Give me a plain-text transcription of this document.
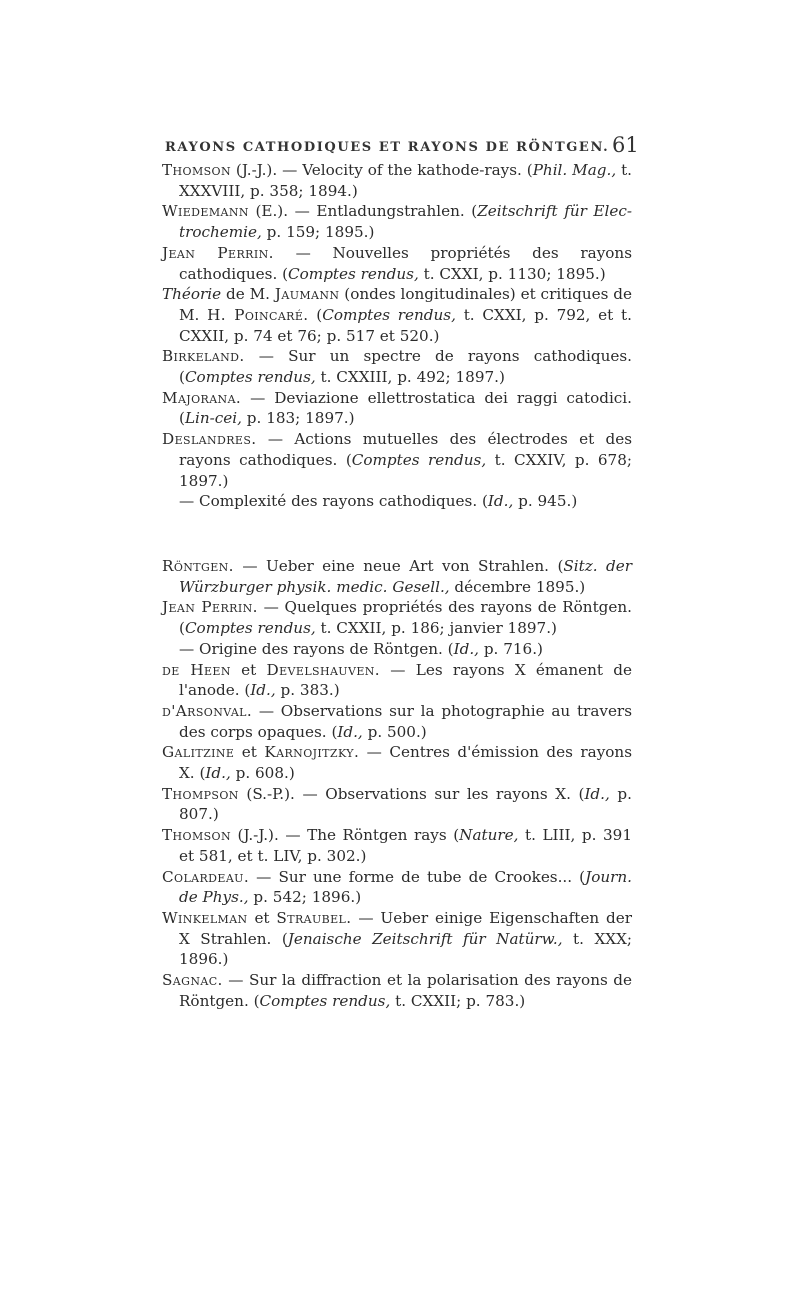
RAYONS CATHODIQUES ET RAYONS DE RÖNTGEN. 61
Thomson (J.-J.). — Velocity of the kathode-rays. (Phil. Mag., t. XXXVIII, p. 358; 1894.)
Wiedemann (E.). — Entladungstrahlen. (Zeitschrift für Elec-trochemie, p. 159; 1895.)
Jean Perrin. — Nouvelles propriétés des rayons cathodiques. (Comptes rendus, t. CXXI, p. 1130; 1895.)
Théorie de M. Jaumann (ondes longitudinales) et critiques de M. H. Poincaré. (Comptes rendus, t. CXXI, p. 792, et t. CXXII, p. 74 et 76; p. 517 et 520.)
Birkeland. — Sur un spectre de rayons cathodiques. (Comptes rendus, t. CXXIII, p. 492; 1897.)
Majorana. — Deviazione ellettrostatica dei raggi catodici. (Lin-cei, p. 183; 1897.)
Deslandres. — Actions mutuelles des électrodes et des rayons cathodiques. (Comptes rendus, t. CXXIV, p. 678; 1897.)
— Complexité des rayons cathodiques. (Id., p. 945.)
Röntgen. — Ueber eine neue Art von Strahlen. (Sitz. der Würzburger physik. medic. Gesell., décembre 1895.)
Jean Perrin. — Quelques propriétés des rayons de Röntgen. (Comptes rendus, t. CXXII, p. 186; janvier 1897.)
— Origine des rayons de Röntgen. (Id., p. 716.)
de Heen et Develshauven. — Les rayons X émanent de l'anode. (Id., p. 383.)
d'Arsonval. — Observations sur la photographie au travers des corps opaques. (Id., p. 500.)
Galitzine et Karnojitzky. — Centres d'émission des rayons X. (Id., p. 608.)
Thompson (S.-P.). — Observations sur les rayons X. (Id., p. 807.)
Thomson (J.-J.). — The Röntgen rays (Nature, t. LIII, p. 391 et 581, et t. LIV, p. 302.)
Colardeau. — Sur une forme de tube de Crookes... (Journ. de Phys., p. 542; 1896.)
Winkelman et Straubel. — Ueber einige Eigenschaften der X Strahlen. (Jenaische Zeitschrift für Natürw., t. XXX; 1896.)
Sagnac. — Sur la diffraction et la polarisation des rayons de Röntgen. (Comptes rendus, t. CXXII; p. 783.)
